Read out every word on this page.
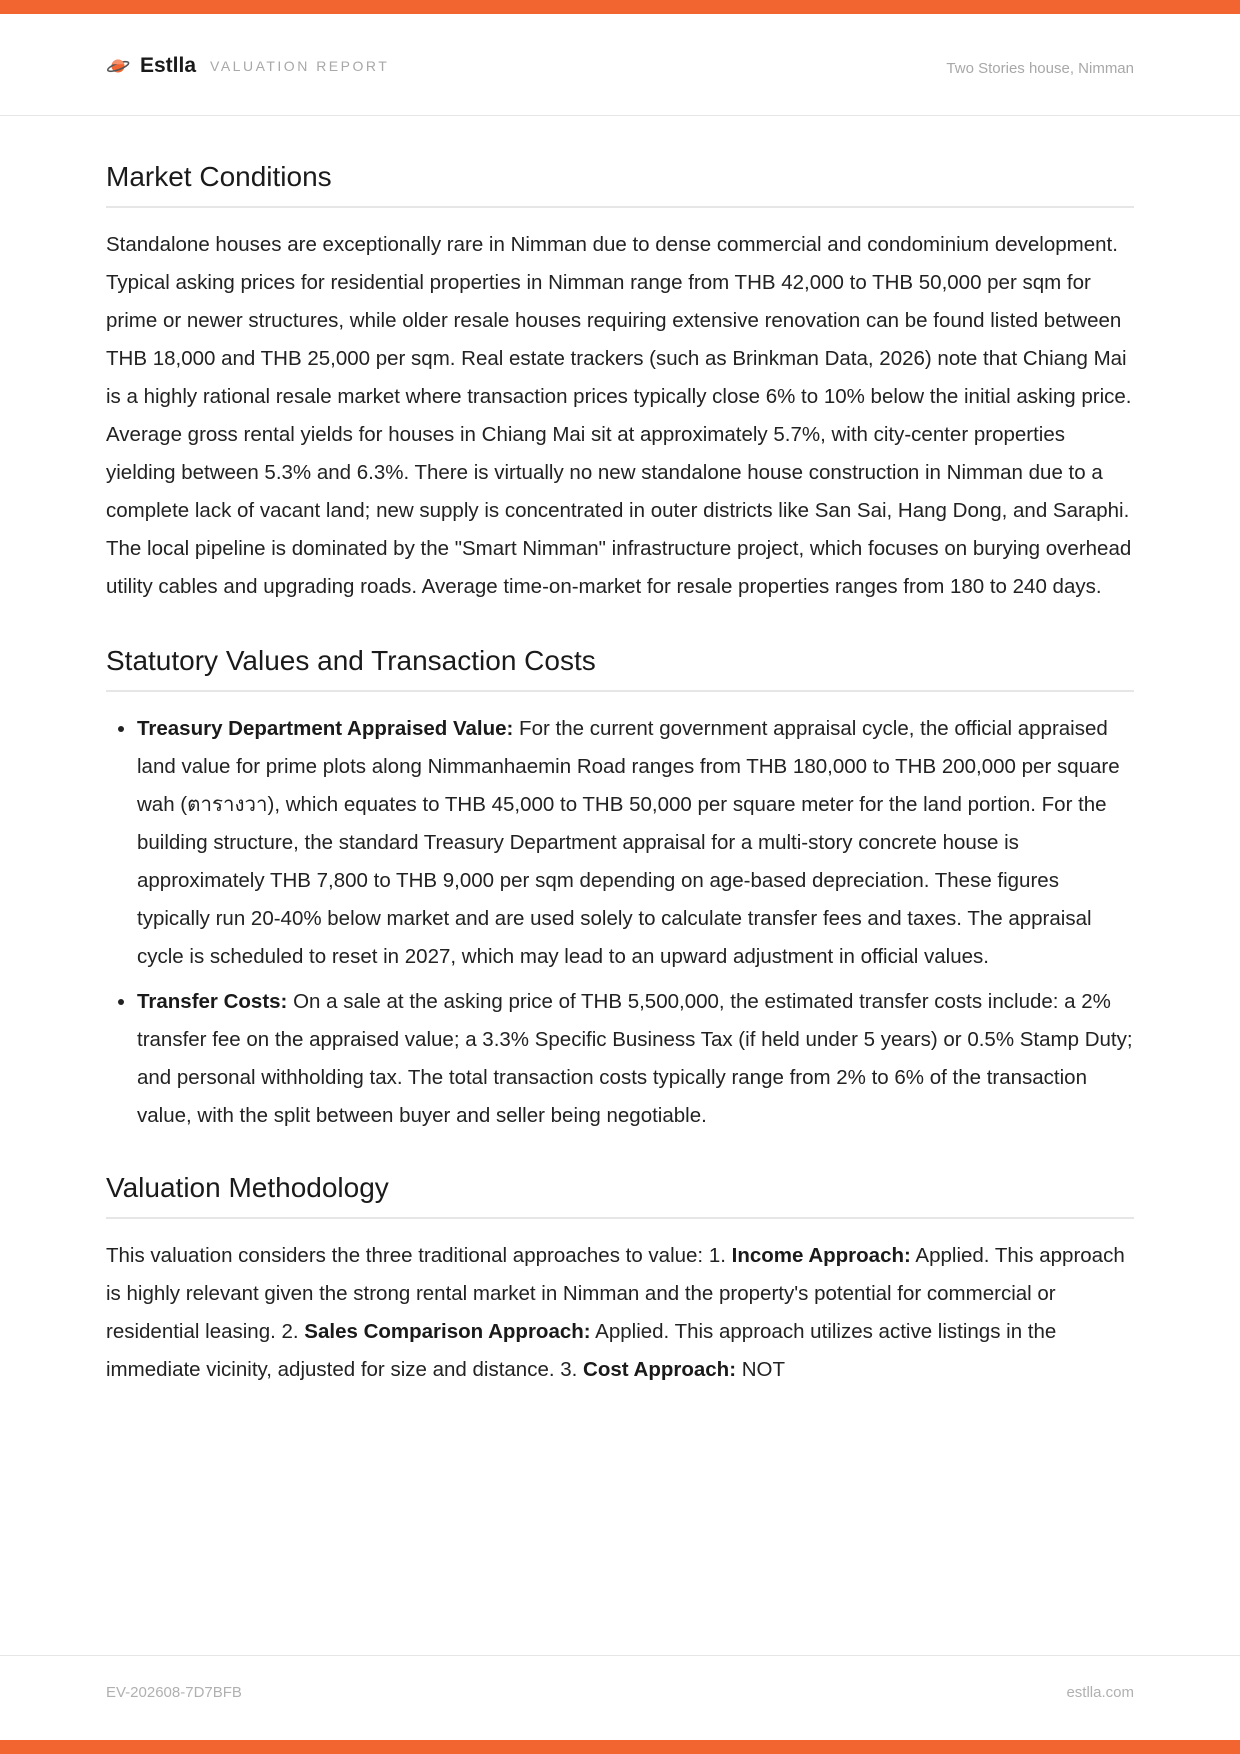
Estlla VALUATION REPORT	Two Stories house, Nimman
Market Conditions

Standalone houses are exceptionally rare in Nimman due to dense commercial and condominium development. Typical asking prices for residential properties in Nimman range from THB 42,000 to THB 50,000 per sqm for prime or newer structures, while older resale houses requiring extensive renovation can be found listed between THB 18,000 and THB 25,000 per sqm. Real estate trackers (such as Brinkman Data, 2026) note that Chiang Mai is a highly rational resale market where transaction prices typically close 6% to 10% below the initial asking price. Average gross rental yields for houses in Chiang Mai sit at approximately 5.7%, with city-center properties yielding between 5.3% and 6.3%. There is virtually no new standalone house construction in Nimman due to a complete lack of vacant land; new supply is concentrated in outer districts like San Sai, Hang Dong, and Saraphi. The local pipeline is dominated by the "Smart Nimman" infrastructure project, which focuses on burying overhead utility cables and upgrading roads. Average time-on-market for resale properties ranges from 180 to 240 days.

Statutory Values and Transaction Costs
• Treasury Department Appraised Value: For the current government appraisal cycle, the official appraised land value for prime plots along Nimmanhaemin Road ranges from THB 180,000 to THB 200,000 per square wah (ตารางวา), which equates to THB 45,000 to THB 50,000 per square meter for the land portion. For the building structure, the standard Treasury Department appraisal for a multi-story concrete house is approximately THB 7,800 to THB 9,000 per sqm depending on age-based depreciation. These figures typically run 20-40% below market and are used solely to calculate transfer fees and taxes. The appraisal cycle is scheduled to reset in 2027, which may lead to an upward adjustment in official values.
• Transfer Costs: On a sale at the asking price of THB 5,500,000, the estimated transfer costs include: a 2% transfer fee on the appraised value; a 3.3% Specific Business Tax (if held under 5 years) or 0.5% Stamp Duty; and personal withholding tax. The total transaction costs typically range from 2% to 6% of the transaction value, with the split between buyer and seller being negotiable.
Valuation Methodology

This valuation considers the three traditional approaches to value: 1. Income Approach: Applied. This approach is highly relevant given the strong rental market in Nimman and the property's potential for commercial or residential leasing. 2. Sales Comparison Approach: Applied. This approach utilizes active listings in the immediate vicinity, adjusted for size and distance. 3. Cost Approach: NOT

EV-202608-7D7BFB	estlla.com
